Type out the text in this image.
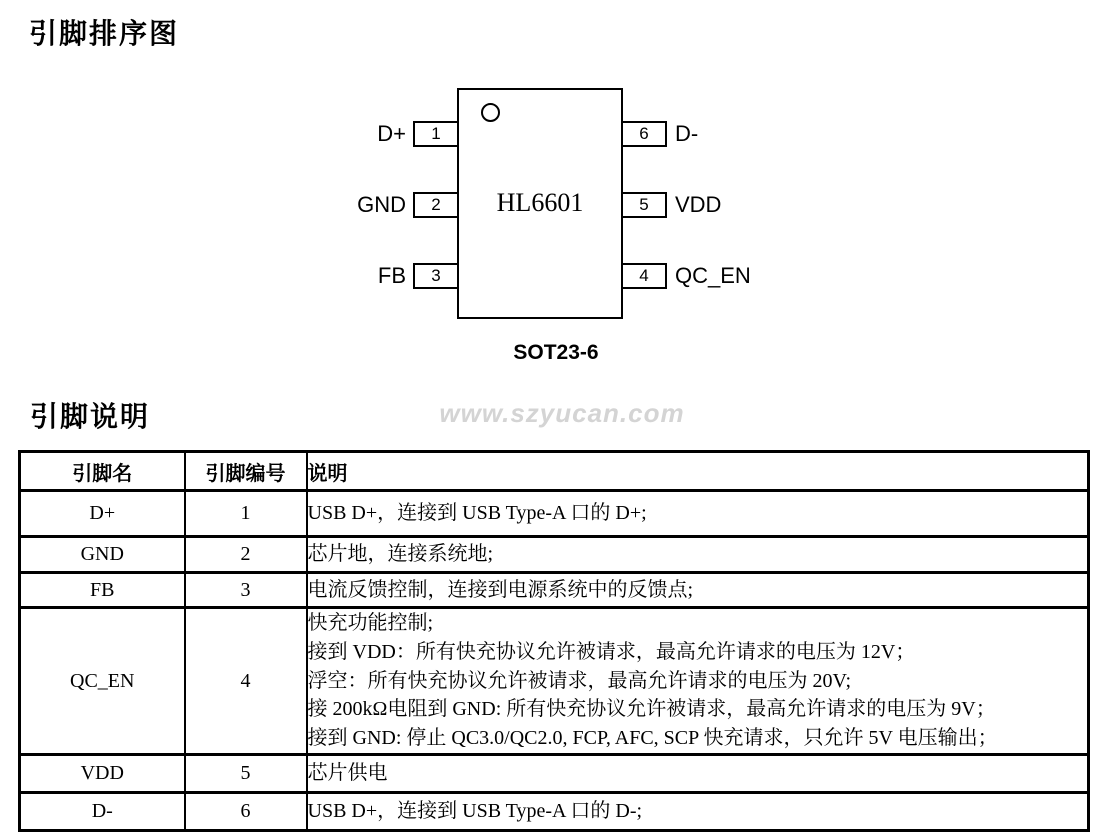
引脚排序图
HL6601
D+ 1
GND 2
FB 3
6 D-
5 VDD
4 QC_EN
SOT23-6
www.szyucan.com
引脚说明
引脚名	引脚编号	说明
D+	1	USB D+，连接到 USB Type-A 口的 D+;

GND	2	芯片地，连接系统地;

FB	3	电流反馈控制，连接到电源系统中的反馈点;

QC_EN	4	快充功能控制;
接到 VDD：所有快充协议允许被请求，最高允许请求的电压为 12V；
浮空：所有快充协议允许被请求，最高允许请求的电压为 20V;
接 200kΩ电阻到 GND: 所有快充协议允许被请求，最高允许请求的电压为 9V；
接到 GND: 停止 QC3.0/QC2.0, FCP, AFC, SCP 快充请求，只允许 5V 电压输出；

VDD	5	芯片供电

D-	6	USB D+，连接到 USB Type-A 口的 D-;
